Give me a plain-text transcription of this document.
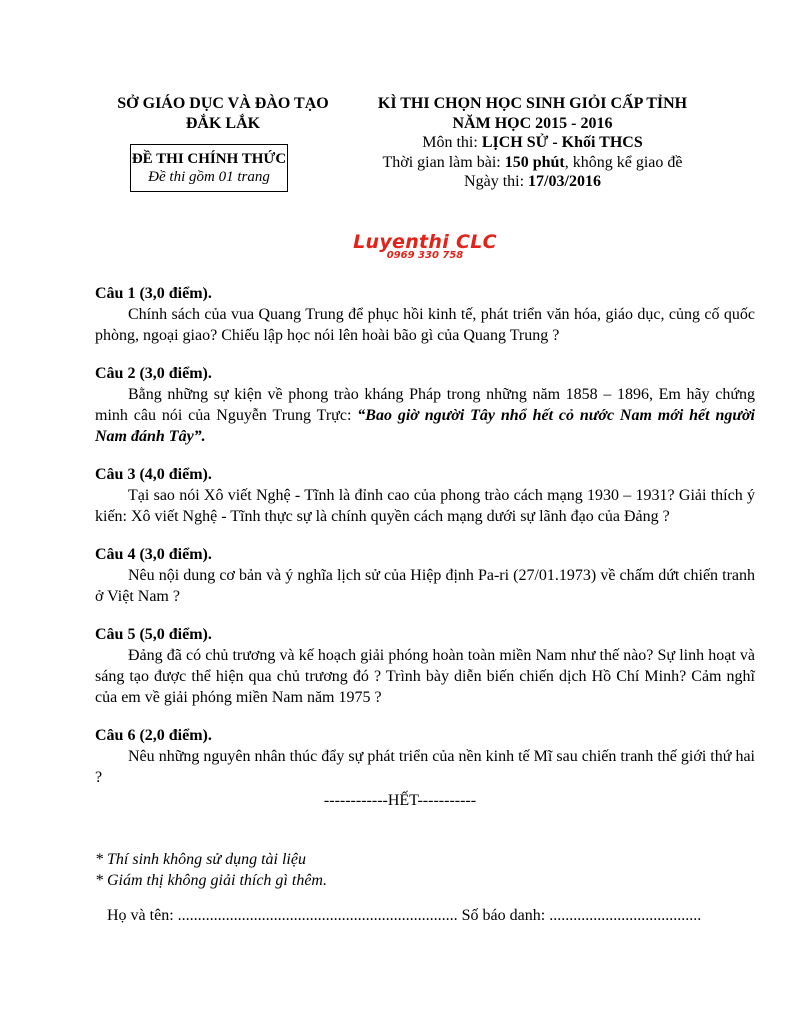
SỞ GIÁO DỤC VÀ ĐÀO TẠO
ĐẮK LẮK
ĐỀ THI CHÍNH THỨC
Đề thi gồm 01 trang
KÌ THI CHỌN HỌC SINH GIỎI CẤP TỈNH
NĂM HỌC 2015 - 2016
Môn thi: LỊCH SỬ - Khối THCS
Thời gian làm bài: 150 phút, không kể giao đề
Ngày thi: 17/03/2016
Luyenthi CLC
0969 330 758
Câu 1 (3,0 điểm).
Chính sách của vua Quang Trung để phục hồi kinh tế, phát triển văn hóa, giáo dục, củng cố quốc phòng, ngoại giao? Chiếu lập học nói lên hoài bão gì của Quang Trung ?
Câu 2 (3,0 điểm).
Bằng những sự kiện về phong trào kháng Pháp trong những năm 1858 – 1896, Em hãy chứng minh câu nói của Nguyễn Trung Trực: “Bao giờ người Tây nhổ hết cỏ nước Nam mới hết người Nam đánh Tây”.
Câu 3 (4,0 điểm).
Tại sao nói Xô viết Nghệ - Tĩnh là đỉnh cao của phong trào cách mạng 1930 – 1931? Giải thích ý kiến: Xô viết Nghệ - Tĩnh thực sự là chính quyền cách mạng dưới sự lãnh đạo của Đảng ?
Câu 4 (3,0 điểm).
Nêu nội dung cơ bản và ý nghĩa lịch sử của Hiệp định Pa-ri (27/01.1973) về chấm dứt chiến tranh ở Việt Nam ?
Câu 5 (5,0 điểm).
Đảng đã có chủ trương và kế hoạch giải phóng hoàn toàn miền Nam như thế nào? Sự linh hoạt và sáng tạo được thể hiện qua chủ trương đó ? Trình bày diễn biến chiến dịch Hồ Chí Minh? Cảm nghĩ của em về giải phóng miền Nam năm 1975 ?
Câu 6 (2,0 điểm).
Nêu những nguyên nhân thúc đẩy sự phát triển của nền kinh tế Mĩ sau chiến tranh thế giới thứ hai ?
------------HẾT-----------
* Thí sinh không sử dụng tài liệu
* Giám thị không giải thích gì thêm.
Họ và tên: ...................................................................... Số báo danh: ......................................
